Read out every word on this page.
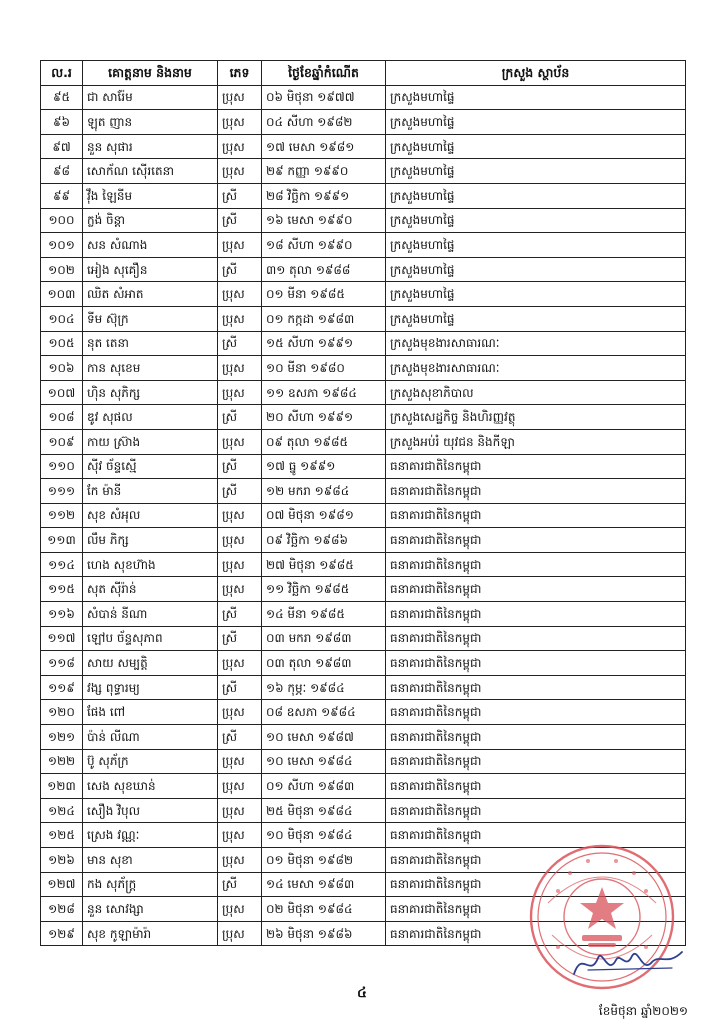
ល.រ	គោត្តនាម និងនាម	ភេទ	ថ្ងៃខែឆ្នាំកំណើត	ក្រសួង ស្ថាប័ន
៩៥	ជា សារ៉ែម	ប្រុស	០៦ មិថុនា ១៩៧៧	ក្រសួងមហាផ្ទៃ
៩៦	ឡុត ញាន	ប្រុស	០៤ សីហា ១៩៨២	ក្រសួងមហាផ្ទៃ
៩៧	នួន សុផារ	ប្រុស	១៧ មេសា ១៩៨១	ក្រសួងមហាផ្ទៃ
៩៨	សោក័ណ ស៊ើរតេនា	ប្រុស	២៩ កញ្ញា ១៩៩០	ក្រសួងមហាផ្ទៃ
៩៩	វ៉ឹង ឡៃនីម	ស្រី	២៨ វិច្ឆិកា ១៩៩១	ក្រសួងមហាផ្ទៃ
១០០	ក្លង់ ចិន្តា	ស្រី	១៦ មេសា ១៩៩០	ក្រសួងមហាផ្ទៃ
១០១	សន សំណាង	ប្រុស	១៨ សីហា ១៩៩០	ក្រសួងមហាផ្ទៃ
១០២	អៀង សុគឿន	ស្រី	៣១ តុលា ១៩៨៨	ក្រសួងមហាផ្ទៃ
១០៣	ឈិត សំអាត	ប្រុស	០១ មីនា ១៩៨៥	ក្រសួងមហាផ្ទៃ
១០៤	ទីម ស៊ុក្រ	ប្រុស	០១ កក្កដា ១៩៨៣	ក្រសួងមហាផ្ទៃ
១០៥	នុត តេនា	ស្រី	១៥ សីហា ១៩៩១	ក្រសួងមុខងារសាធារណៈ
១០៦	កាន សុខេម	ប្រុស	១០ មីនា ១៩៨០	ក្រសួងមុខងារសាធារណៈ
១០៧	ហ៊ិន សុភិក្ស	ប្រុស	១១ ឧសភា ១៩៨៤	ក្រសួងសុខាភិបាល
១០៨	ឌូវ សុផល	ស្រី	២០ សីហា ១៩៩១	ក្រសួងសេដ្ឋកិច្ច និងហិរញ្ញវត្ថុ
១០៩	កាយ ស្រ៊ាង	ប្រុស	០៩ តុលា ១៩៨៥	ក្រសួងអប់រំ យុវជន និងកីឡា
១១០	ស៊ីវ ច័ន្ទស្មើ	ស្រី	១៧ ធ្នូ ១៩៩១	ធនាគារជាតិនៃកម្ពុជា
១១១	កែ ម៉ានី	ស្រី	១២ មករា ១៩៨៤	ធនាគារជាតិនៃកម្ពុជា
១១២	សុខ សំអុល	ប្រុស	០៧ មិថុនា ១៩៨១	ធនាគារជាតិនៃកម្ពុជា
១១៣	លឹម ភិក្ស	ប្រុស	០៩ វិច្ឆិកា ១៩៨៦	ធនាគារជាតិនៃកម្ពុជា
១១៤	ហេង សុខហ៊ាង	ប្រុស	២៧ មិថុនា ១៩៨៥	ធនាគារជាតិនៃកម្ពុជា
១១៥	សុត ស៊ីរ៉ាន់	ប្រុស	១១ វិច្ឆិកា ១៩៨៥	ធនាគារជាតិនៃកម្ពុជា
១១៦	សំបាន់ នីណា	ស្រី	១៤ មីនា ១៩៨៥	ធនាគារជាតិនៃកម្ពុជា
១១៧	ឡៅប ច័ន្ទសុភាព	ស្រី	០៣ មករា ១៩៨៣	ធនាគារជាតិនៃកម្ពុជា
១១៨	សាយ សម្បត្តិ	ប្រុស	០៣ តុលា ១៩៨៣	ធនាគារជាតិនៃកម្ពុជា
១១៩	វង្ស ពុទ្ធារម្យ	ស្រី	១៦ កុម្ភៈ ១៩៨៤	ធនាគារជាតិនៃកម្ពុជា
១២០	ផែង ពៅ	ប្រុស	០៨ ឧសភា ១៩៨៤	ធនាគារជាតិនៃកម្ពុជា
១២១	ប៉ាន់ លីណា	ស្រី	១០ មេសា ១៩៨៧	ធនាគារជាតិនៃកម្ពុជា
១២២	ប៊ូ សុភ័ក្រ	ប្រុស	១០ មេសា ១៩៨៤	ធនាគារជាតិនៃកម្ពុជា
១២៣	សេង សុខឃាន់	ប្រុស	០១ សីហា ១៩៨៣	ធនាគារជាតិនៃកម្ពុជា
១២៤	សឿង វិបុល	ប្រុស	២៥ មិថុនា ១៩៨៤	ធនាគារជាតិនៃកម្ពុជា
១២៥	ស្រេង វណ្ណៈ	ប្រុស	១០ មិថុនា ១៩៨៤	ធនាគារជាតិនៃកម្ពុជា
១២៦	មាន សុខា	ប្រុស	០១ មិថុនា ១៩៨២	ធនាគារជាតិនៃកម្ពុជា
១២៧	កង សុភ័ក្ត្រ	ស្រី	១៤ មេសា ១៩៨៣	ធនាគារជាតិនៃកម្ពុជា
១២៨	នួន សោវង្សា	ប្រុស	០២ មិថុនា ១៩៨៤	ធនាគារជាតិនៃកម្ពុជា
១២៩	សុខ កូឡាម៉ារ៉ា	ប្រុស	២៦ មិថុនា ១៩៨៦	ធនាគារជាតិនៃកម្ពុជា
៤
ខែមិថុនា ឆ្នាំ២០២១
